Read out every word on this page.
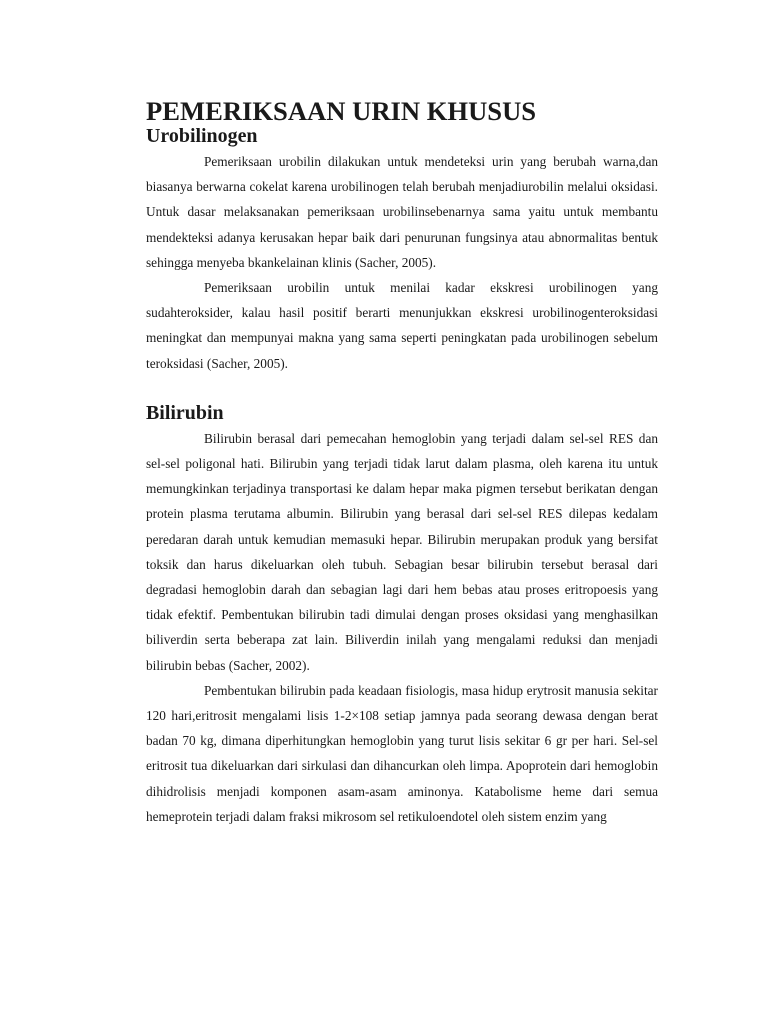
PEMERIKSAAN URIN KHUSUS
Urobilinogen

Pemeriksaan urobilin dilakukan untuk mendeteksi urin yang berubah warna,dan biasanya berwarna cokelat karena urobilinogen telah berubah menjadiurobilin melalui oksidasi. Untuk dasar melaksanakan pemeriksaan urobilinsebenarnya sama yaitu untuk membantu mendekteksi adanya kerusakan hepar baik dari penurunan fungsinya atau abnormalitas bentuk sehingga menyeba bkankelainan klinis (Sacher, 2005).

Pemeriksaan urobilin untuk menilai kadar ekskresi urobilinogen yang sudahteroksider, kalau hasil positif berarti menunjukkan ekskresi urobilinogenteroksidasi meningkat dan mempunyai makna yang sama seperti peningkatan pada urobilinogen sebelum teroksidasi (Sacher, 2005).

Bilirubin

Bilirubin berasal dari pemecahan hemoglobin yang terjadi dalam sel-sel RES dan sel-sel poligonal hati. Bilirubin yang terjadi tidak larut dalam plasma, oleh karena itu untuk memungkinkan terjadinya transportasi ke dalam hepar maka pigmen tersebut berikatan dengan protein plasma terutama albumin. Bilirubin yang berasal dari sel-sel RES dilepas kedalam peredaran darah untuk kemudian memasuki hepar. Bilirubin merupakan produk yang bersifat toksik dan harus dikeluarkan oleh tubuh. Sebagian besar bilirubin tersebut berasal dari degradasi hemoglobin darah dan sebagian lagi dari hem bebas atau proses eritropoesis yang tidak efektif. Pembentukan bilirubin tadi dimulai dengan proses oksidasi yang menghasilkan biliverdin serta beberapa zat lain. Biliverdin inilah yang mengalami reduksi dan menjadi bilirubin bebas (Sacher, 2002).

Pembentukan bilirubin pada keadaan fisiologis, masa hidup erytrosit manusia sekitar 120 hari,eritrosit mengalami lisis 1-2×108 setiap jamnya pada seorang dewasa dengan berat badan 70 kg, dimana diperhitungkan hemoglobin yang turut lisis sekitar 6 gr per hari. Sel-sel eritrosit tua dikeluarkan dari sirkulasi dan dihancurkan oleh limpa. Apoprotein dari hemoglobin dihidrolisis menjadi komponen asam-asam aminonya. Katabolisme heme dari semua hemeprotein terjadi dalam fraksi mikrosom sel retikuloendotel oleh sistem enzim yang
